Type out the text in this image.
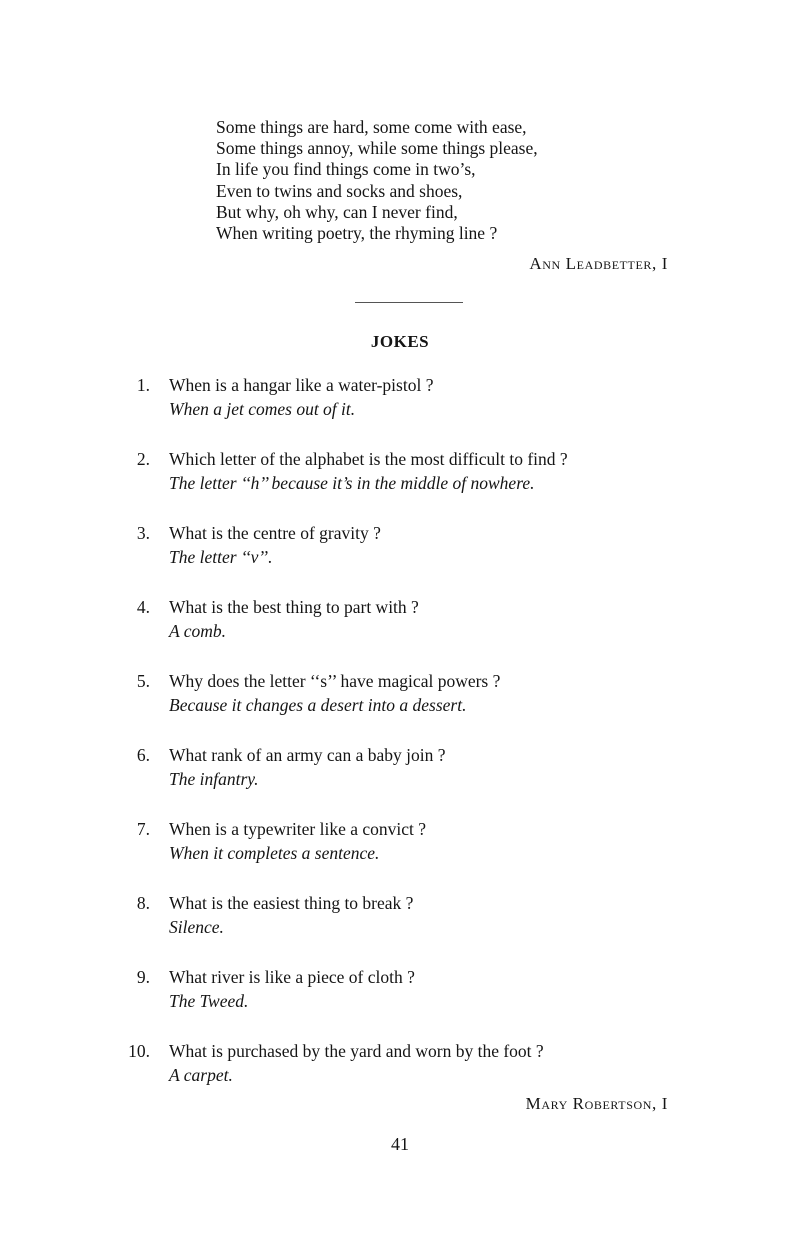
Some things are hard, some come with ease,
Some things annoy, while some things please,
In life you find things come in two’s,
Even to twins and socks and shoes,
But why, oh why, can I never find,
When writing poetry, the rhyming line ?
Ann Leadbetter, I
JOKES
1. When is a hangar like a water-pistol ?
When a jet comes out of it.
2. Which letter of the alphabet is the most difficult to find ?
The letter ‘‘h’’ because it’s in the middle of nowhere.
3. What is the centre of gravity ?
The letter ‘‘v’’.
4. What is the best thing to part with ?
A comb.
5. Why does the letter ‘‘s’’ have magical powers ?
Because it changes a desert into a dessert.
6. What rank of an army can a baby join ?
The infantry.
7. When is a typewriter like a convict ?
When it completes a sentence.
8. What is the easiest thing to break ?
Silence.
9. What river is like a piece of cloth ?
The Tweed.
10. What is purchased by the yard and worn by the foot ?
A carpet.
Mary Robertson, I
41
